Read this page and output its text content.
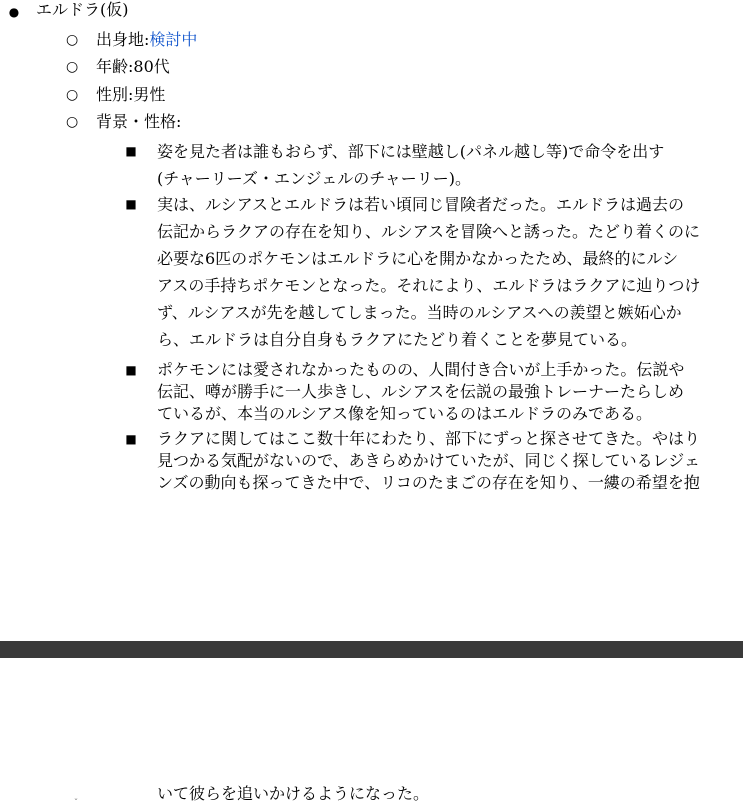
● エルドラ(仮)
○ 出身地:検討中
○ 年齢:80代
○ 性別:男性
○ 背景・性格:
■ 姿を見た者は誰もおらず、部下には壁越し(パネル越し等)で命令を出す
(チャーリーズ・エンジェルのチャーリー)。
■ 実は、ルシアスとエルドラは若い頃同じ冒険者だった。エルドラは過去の
伝記からラクアの存在を知り、ルシアスを冒険へと誘った。たどり着くのに
必要な6匹のポケモンはエルドラに心を開かなかったため、最終的にルシ
アスの手持ちポケモンとなった。それにより、エルドラはラクアに辿りつけ
ず、ルシアスが先を越してしまった。当時のルシアスへの羨望と嫉妬心か
ら、エルドラは自分自身もラクアにたどり着くことを夢見ている。
■ ポケモンには愛されなかったものの、人間付き合いが上手かった。伝説や
伝記、噂が勝手に一人歩きし、ルシアスを伝説の最強トレーナーたらしめ
ているが、本当のルシアス像を知っているのはエルドラのみである。
■ ラクアに関してはここ数十年にわたり、部下にずっと探させてきた。やはり
見つかる気配がないので、あきらめかけていたが、同じく探しているレジェ
ンズの動向も探ってきた中で、リコのたまごの存在を知り、一縷の希望を抱
いて彼らを追いかけるようになった。
˘
